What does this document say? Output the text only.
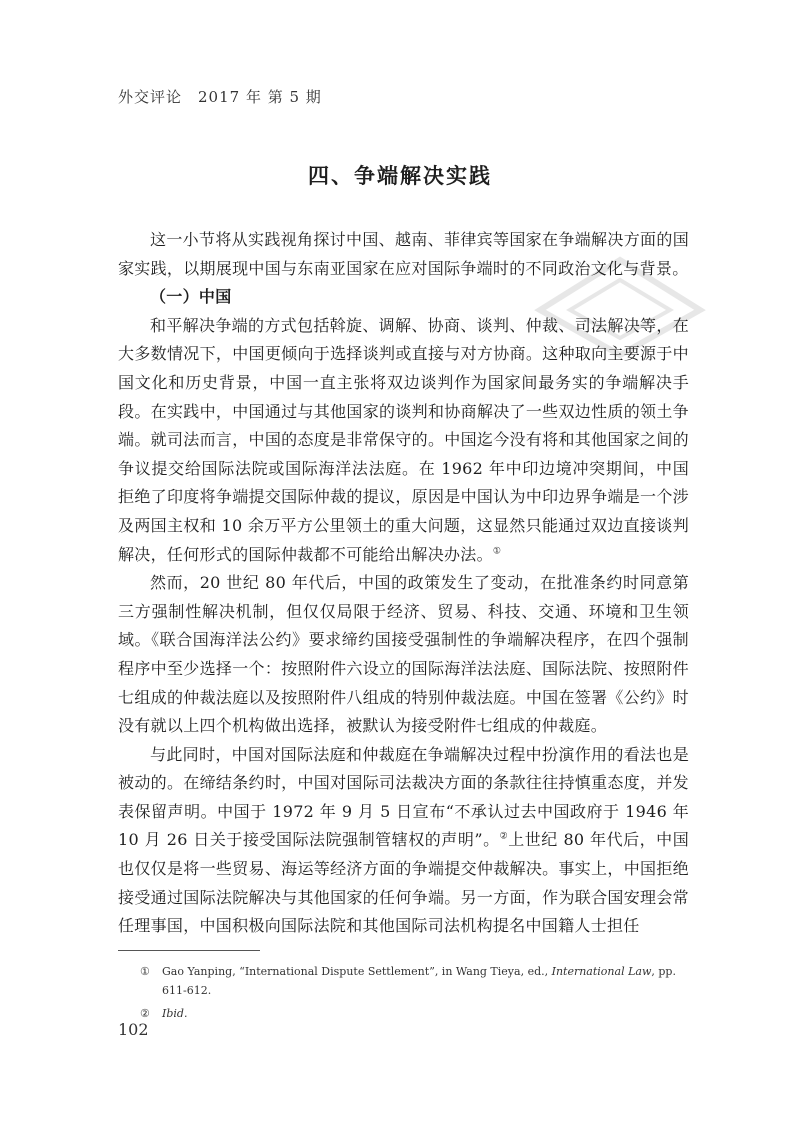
外交评论　2017 年 第 5 期
四、争端解决实践

这一小节将从实践视角探讨中国、越南、菲律宾等国家在争端解决方面的国家实践，以期展现中国与东南亚国家在应对国际争端时的不同政治文化与背景。

（一）中国

和平解决争端的方式包括斡旋、调解、协商、谈判、仲裁、司法解决等，在大多数情况下，中国更倾向于选择谈判或直接与对方协商。这种取向主要源于中国文化和历史背景，中国一直主张将双边谈判作为国家间最务实的争端解决手段。在实践中，中国通过与其他国家的谈判和协商解决了一些双边性质的领土争端。就司法而言，中国的态度是非常保守的。中国迄今没有将和其他国家之间的争议提交给国际法院或国际海洋法法庭。在 1962 年中印边境冲突期间，中国拒绝了印度将争端提交国际仲裁的提议，原因是中国认为中印边界争端是一个涉及两国主权和 10 余万平方公里领土的重大问题，这显然只能通过双边直接谈判解决，任何形式的国际仲裁都不可能给出解决办法。①

然而，20 世纪 80 年代后，中国的政策发生了变动，在批准条约时同意第三方强制性解决机制，但仅仅局限于经济、贸易、科技、交通、环境和卫生领域。《联合国海洋法公约》要求缔约国接受强制性的争端解决程序，在四个强制程序中至少选择一个：按照附件六设立的国际海洋法法庭、国际法院、按照附件七组成的仲裁法庭以及按照附件八组成的特别仲裁法庭。中国在签署《公约》时没有就以上四个机构做出选择，被默认为接受附件七组成的仲裁庭。

与此同时，中国对国际法庭和仲裁庭在争端解决过程中扮演作用的看法也是被动的。在缔结条约时，中国对国际司法裁决方面的条款往往持慎重态度，并发表保留声明。中国于 1972 年 9 月 5 日宣布“不承认过去中国政府于 1946 年 10 月 26 日关于接受国际法院强制管辖权的声明”。②上世纪 80 年代后，中国也仅仅是将一些贸易、海运等经济方面的争端提交仲裁解决。事实上，中国拒绝接受通过国际法院解决与其他国家的任何争端。另一方面，作为联合国安理会常任理事国，中国积极向国际法院和其他国际司法机构提名中国籍人士担任

① Gao Yanping, “International Dispute Settlement”, in Wang Tieya, ed., International Law, pp. 611-612.

② Ibid.

102
